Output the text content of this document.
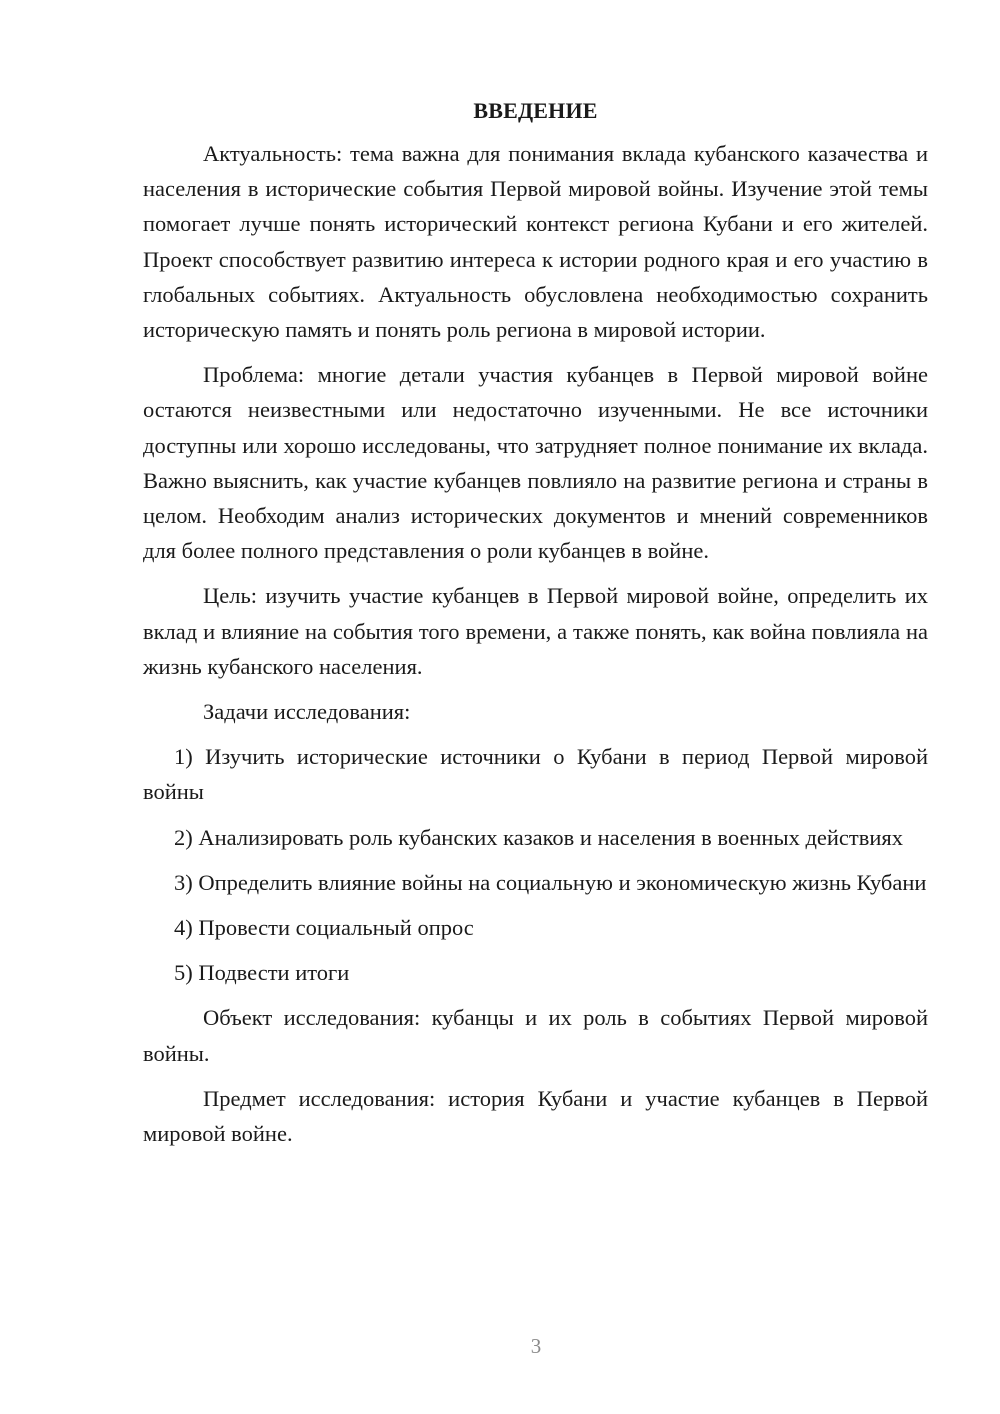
ВВЕДЕНИЕ

Актуальность: тема важна для понимания вклада кубанского казачества и населения в исторические события Первой мировой войны. Изучение этой темы помогает лучше понять исторический контекст региона Кубани и его жителей. Проект способствует развитию интереса к истории родного края и его участию в глобальных событиях. Актуальность обусловлена необходимостью сохранить историческую память и понять роль региона в мировой истории.

Проблема: многие детали участия кубанцев в Первой мировой войне остаются неизвестными или недостаточно изученными. Не все источники доступны или хорошо исследованы, что затрудняет полное понимание их вклада. Важно выяснить, как участие кубанцев повлияло на развитие региона и страны в целом. Необходим анализ исторических документов и мнений современников для более полного представления о роли кубанцев в войне.

Цель: изучить участие кубанцев в Первой мировой войне, определить их вклад и влияние на события того времени, а также понять, как война повлияла на жизнь кубанского населения.

Задачи исследования:

1) Изучить исторические источники о Кубани в период Первой мировой войны

2) Анализировать роль кубанских казаков и населения в военных действиях

3) Определить влияние войны на социальную и экономическую жизнь Кубани

4) Провести социальный опрос

5) Подвести итоги

Объект исследования: кубанцы и их роль в событиях Первой мировой войны.

Предмет исследования: история Кубани и участие кубанцев в Первой мировой войне.

3
